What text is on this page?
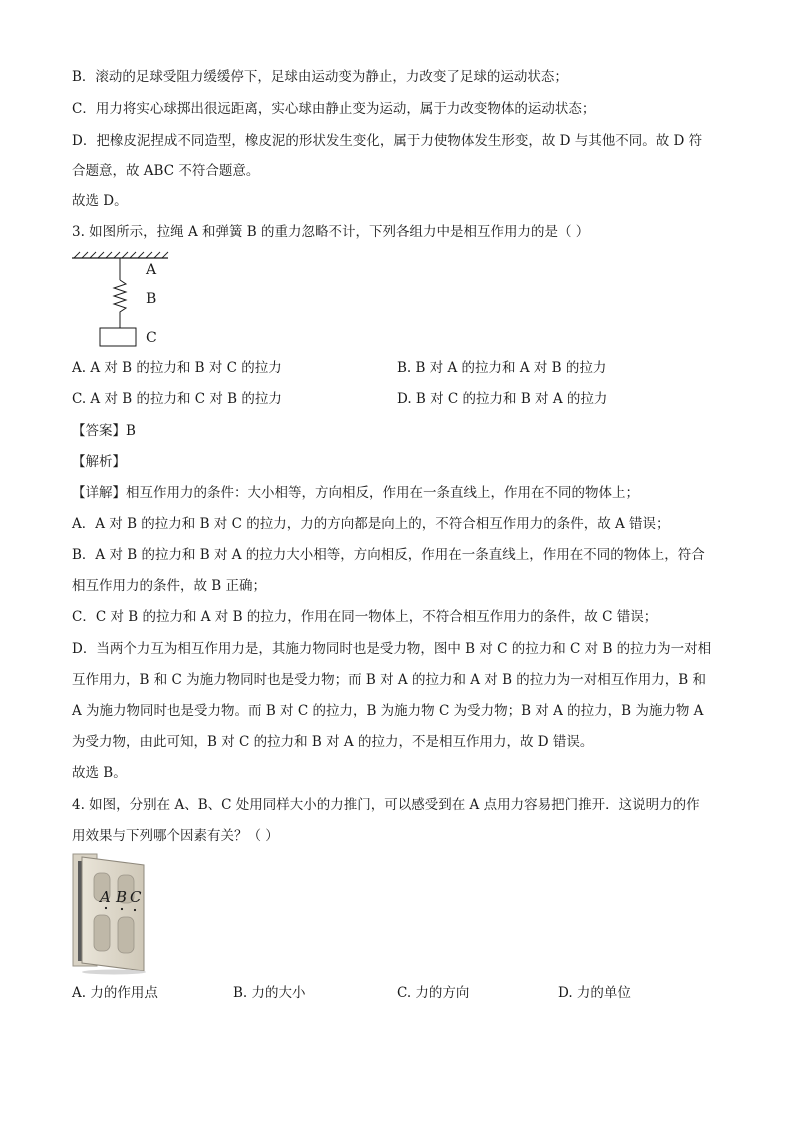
B．滚动的足球受阻力缓缓停下，足球由运动变为静止，力改变了足球的运动状态；
C．用力将实心球掷出很远距离，实心球由静止变为运动，属于力改变物体的运动状态；
D．把橡皮泥捏成不同造型，橡皮泥的形状发生变化，属于力使物体发生形变，故 D 与其他不同。故 D 符
合题意，故 ABC 不符合题意。
故选 D。
3. 如图所示，拉绳 A 和弹簧 B 的重力忽略不计，下列各组力中是相互作用力的是（ ）
A
B
C
A. A 对 B 的拉力和 B 对 C 的拉力	B. B 对 A 的拉力和 A 对 B 的拉力
C. A 对 B 的拉力和 C 对 B 的拉力	D. B 对 C 的拉力和 B 对 A 的拉力
【答案】B
【解析】
【详解】相互作用力的条件：大小相等，方向相反，作用在一条直线上，作用在不同的物体上；
A．A 对 B 的拉力和 B 对 C 的拉力，力的方向都是向上的，不符合相互作用力的条件，故 A 错误；
B．A 对 B 的拉力和 B 对 A 的拉力大小相等，方向相反，作用在一条直线上，作用在不同的物体上，符合
相互作用力的条件，故 B 正确；
C．C 对 B 的拉力和 A 对 B 的拉力，作用在同一物体上，不符合相互作用力的条件，故 C 错误；
D．当两个力互为相互作用力是，其施力物同时也是受力物，图中 B 对 C 的拉力和 C 对 B 的拉力为一对相
互作用力，B 和 C 为施力物同时也是受力物；而 B 对 A 的拉力和 A 对 B 的拉力为一对相互作用力，B 和
A 为施力物同时也是受力物。而 B 对 C 的拉力，B 为施力物 C 为受力物；B 对 A 的拉力，B 为施力物 A
为受力物，由此可知，B 对 C 的拉力和 B 对 A 的拉力，不是相互作用力，故 D 错误。
故选 B。
4. 如图，分别在 A、B、C 处用同样大小的力推门，可以感受到在 A 点用力容易把门推开．这说明力的作
用效果与下列哪个因素有关？（ ）
A B C
A. 力的作用点	B. 力的大小	C. 力的方向	D. 力的单位
